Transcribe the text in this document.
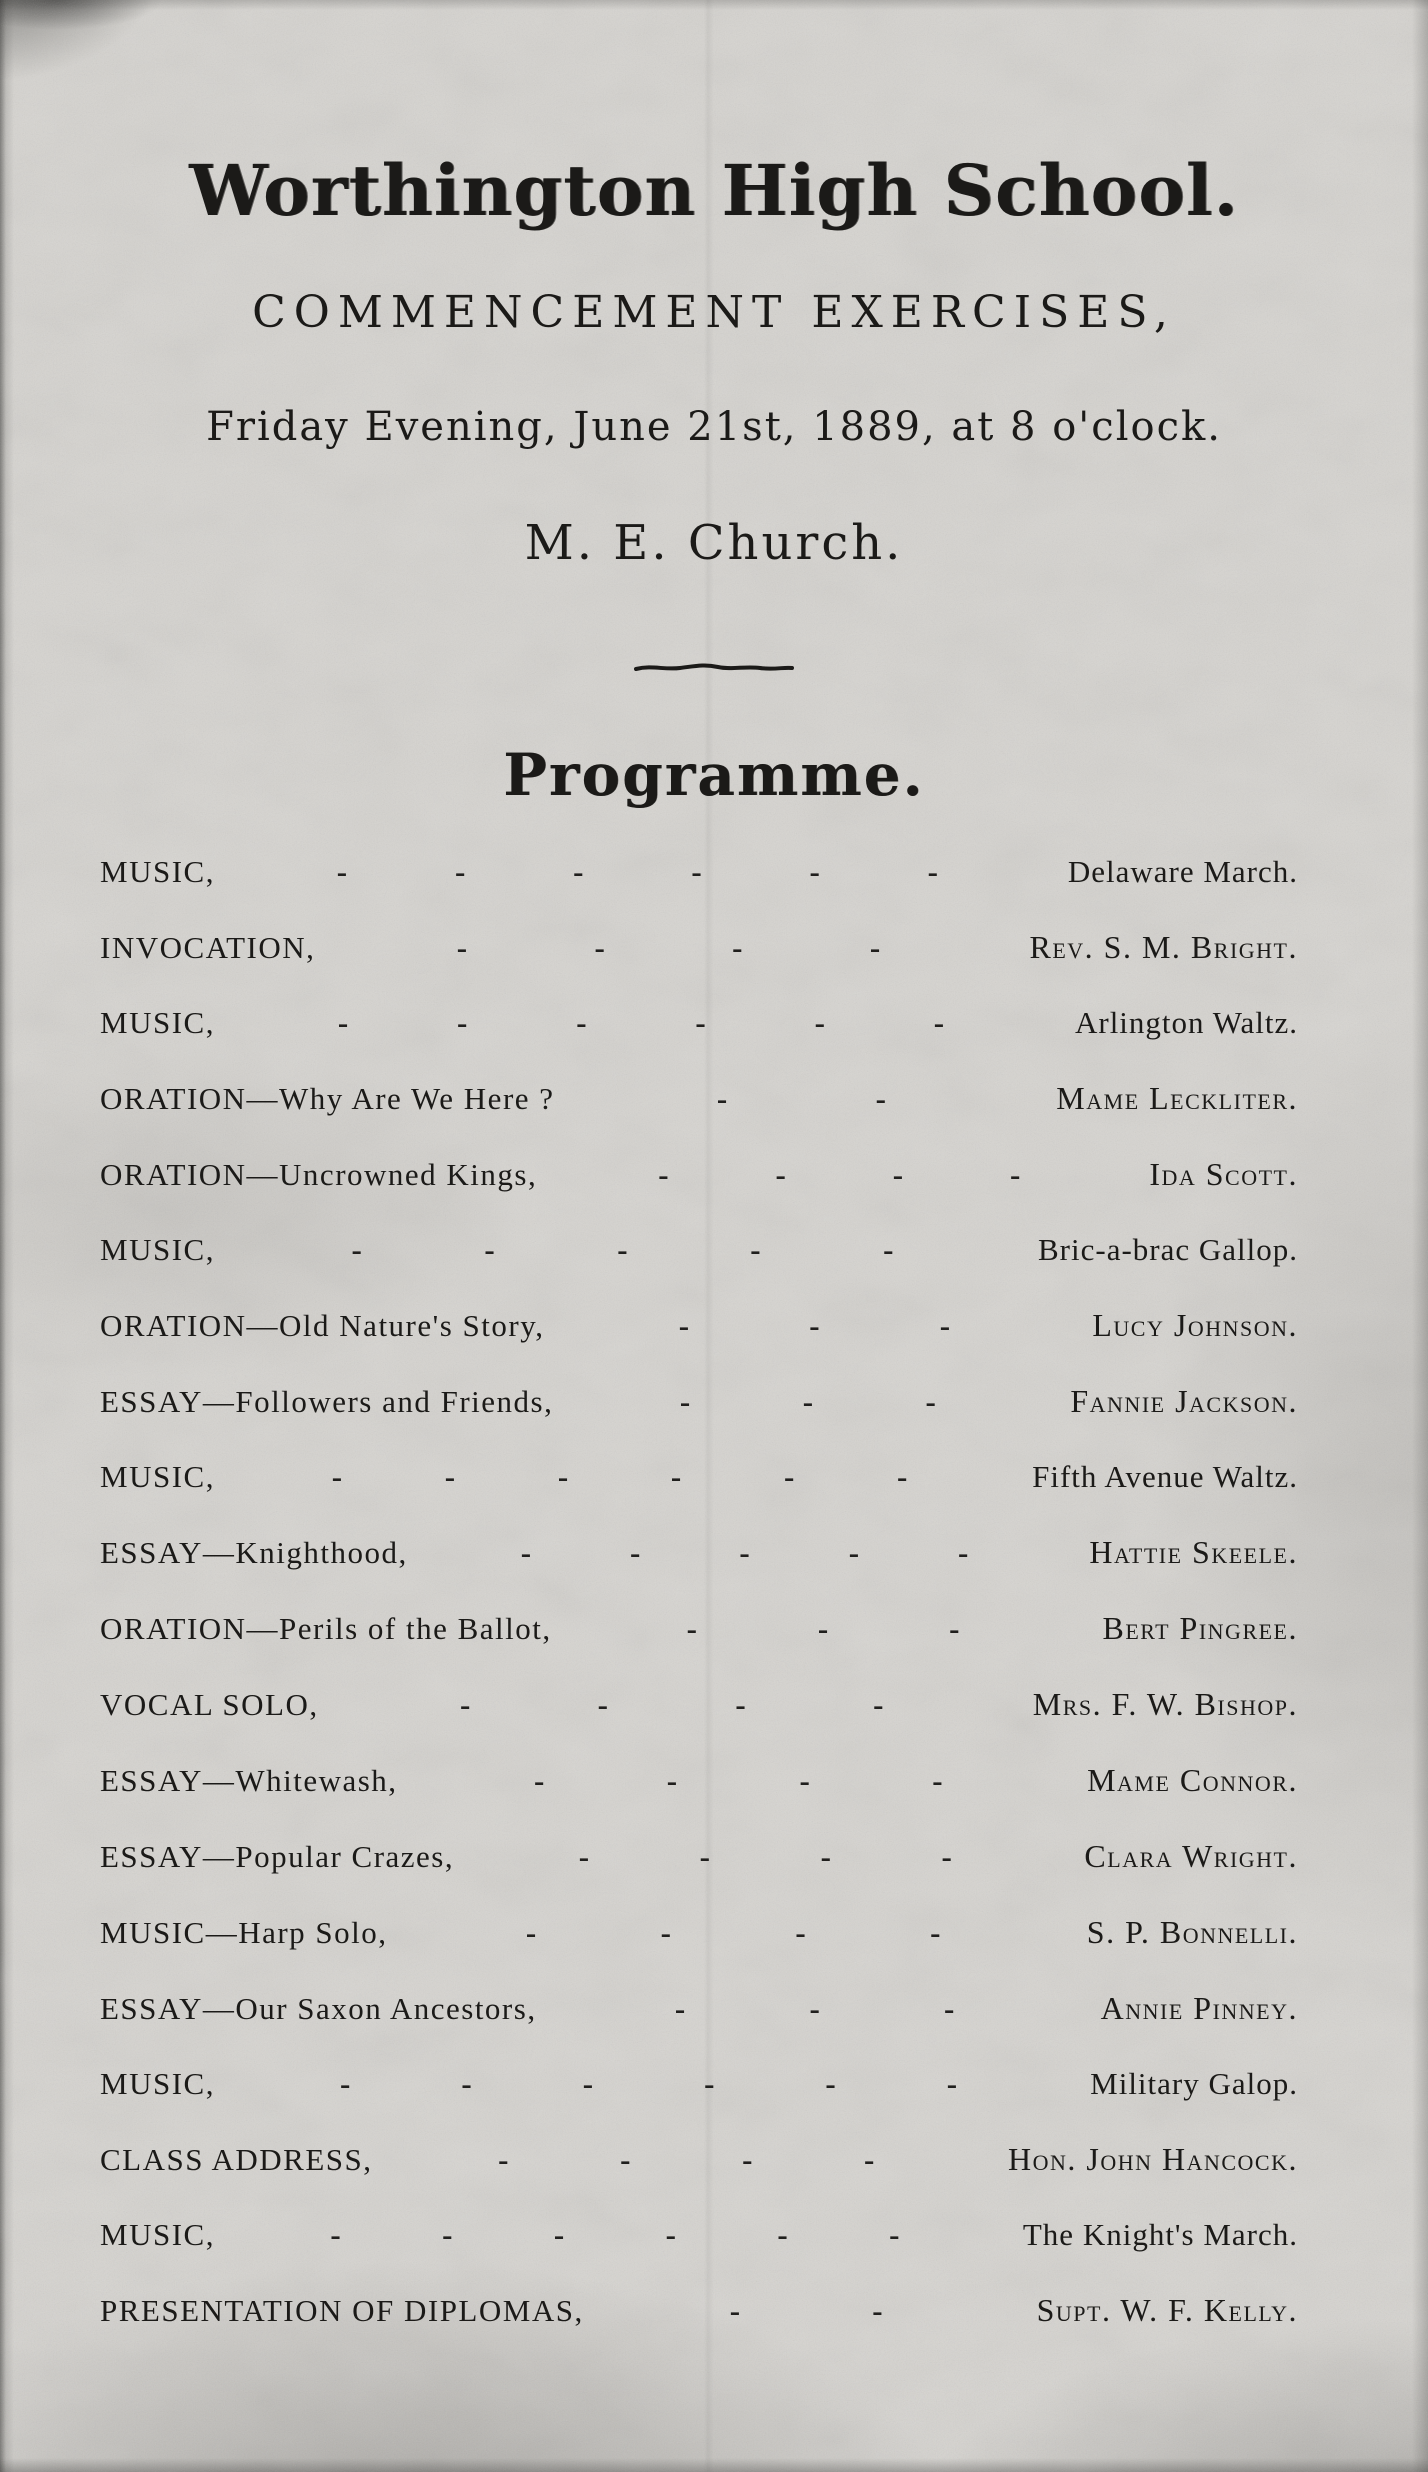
Worthington High School.
COMMENCEMENT EXERCISES,
Friday Evening, June 21st, 1889, at 8 o'clock.
M. E. Church.
Programme.
MUSIC,	-	-	-	-	-	-	Delaware March.
INVOCATION,	-	-	-	-	Rev. S. M. Bright.
MUSIC,	-	-	-	-	-	-	Arlington Waltz.
ORATION—Why Are We Here ?	-	-	Mame Leckliter.
ORATION—Uncrowned Kings,	-	-	-	-	Ida Scott.
MUSIC,	-	-	-	-	-	Bric-a-brac Gallop.
ORATION—Old Nature's Story,	-	-	-	Lucy Johnson.
ESSAY—Followers and Friends,	-	-	-	Fannie Jackson.
MUSIC,	-	-	-	-	-	-	Fifth Avenue Waltz.
ESSAY—Knighthood,	-	-	-	-	-	Hattie Skeele.
ORATION—Perils of the Ballot,	-	-	-	Bert Pingree.
VOCAL SOLO,	-	-	-	-	Mrs. F. W. Bishop.
ESSAY—Whitewash,	-	-	-	-	Mame Connor.
ESSAY—Popular Crazes,	-	-	-	-	Clara Wright.
MUSIC—Harp Solo,	-	-	-	-	S. P. Bonnelli.
ESSAY—Our Saxon Ancestors,	-	-	-	Annie Pinney.
MUSIC,	-	-	-	-	-	-	Military Galop.
CLASS ADDRESS,	-	-	-	-	Hon. John Hancock.
MUSIC,	-	-	-	-	-	-	The Knight's March.
PRESENTATION OF DIPLOMAS,	-	-	Supt. W. F. Kelly.
